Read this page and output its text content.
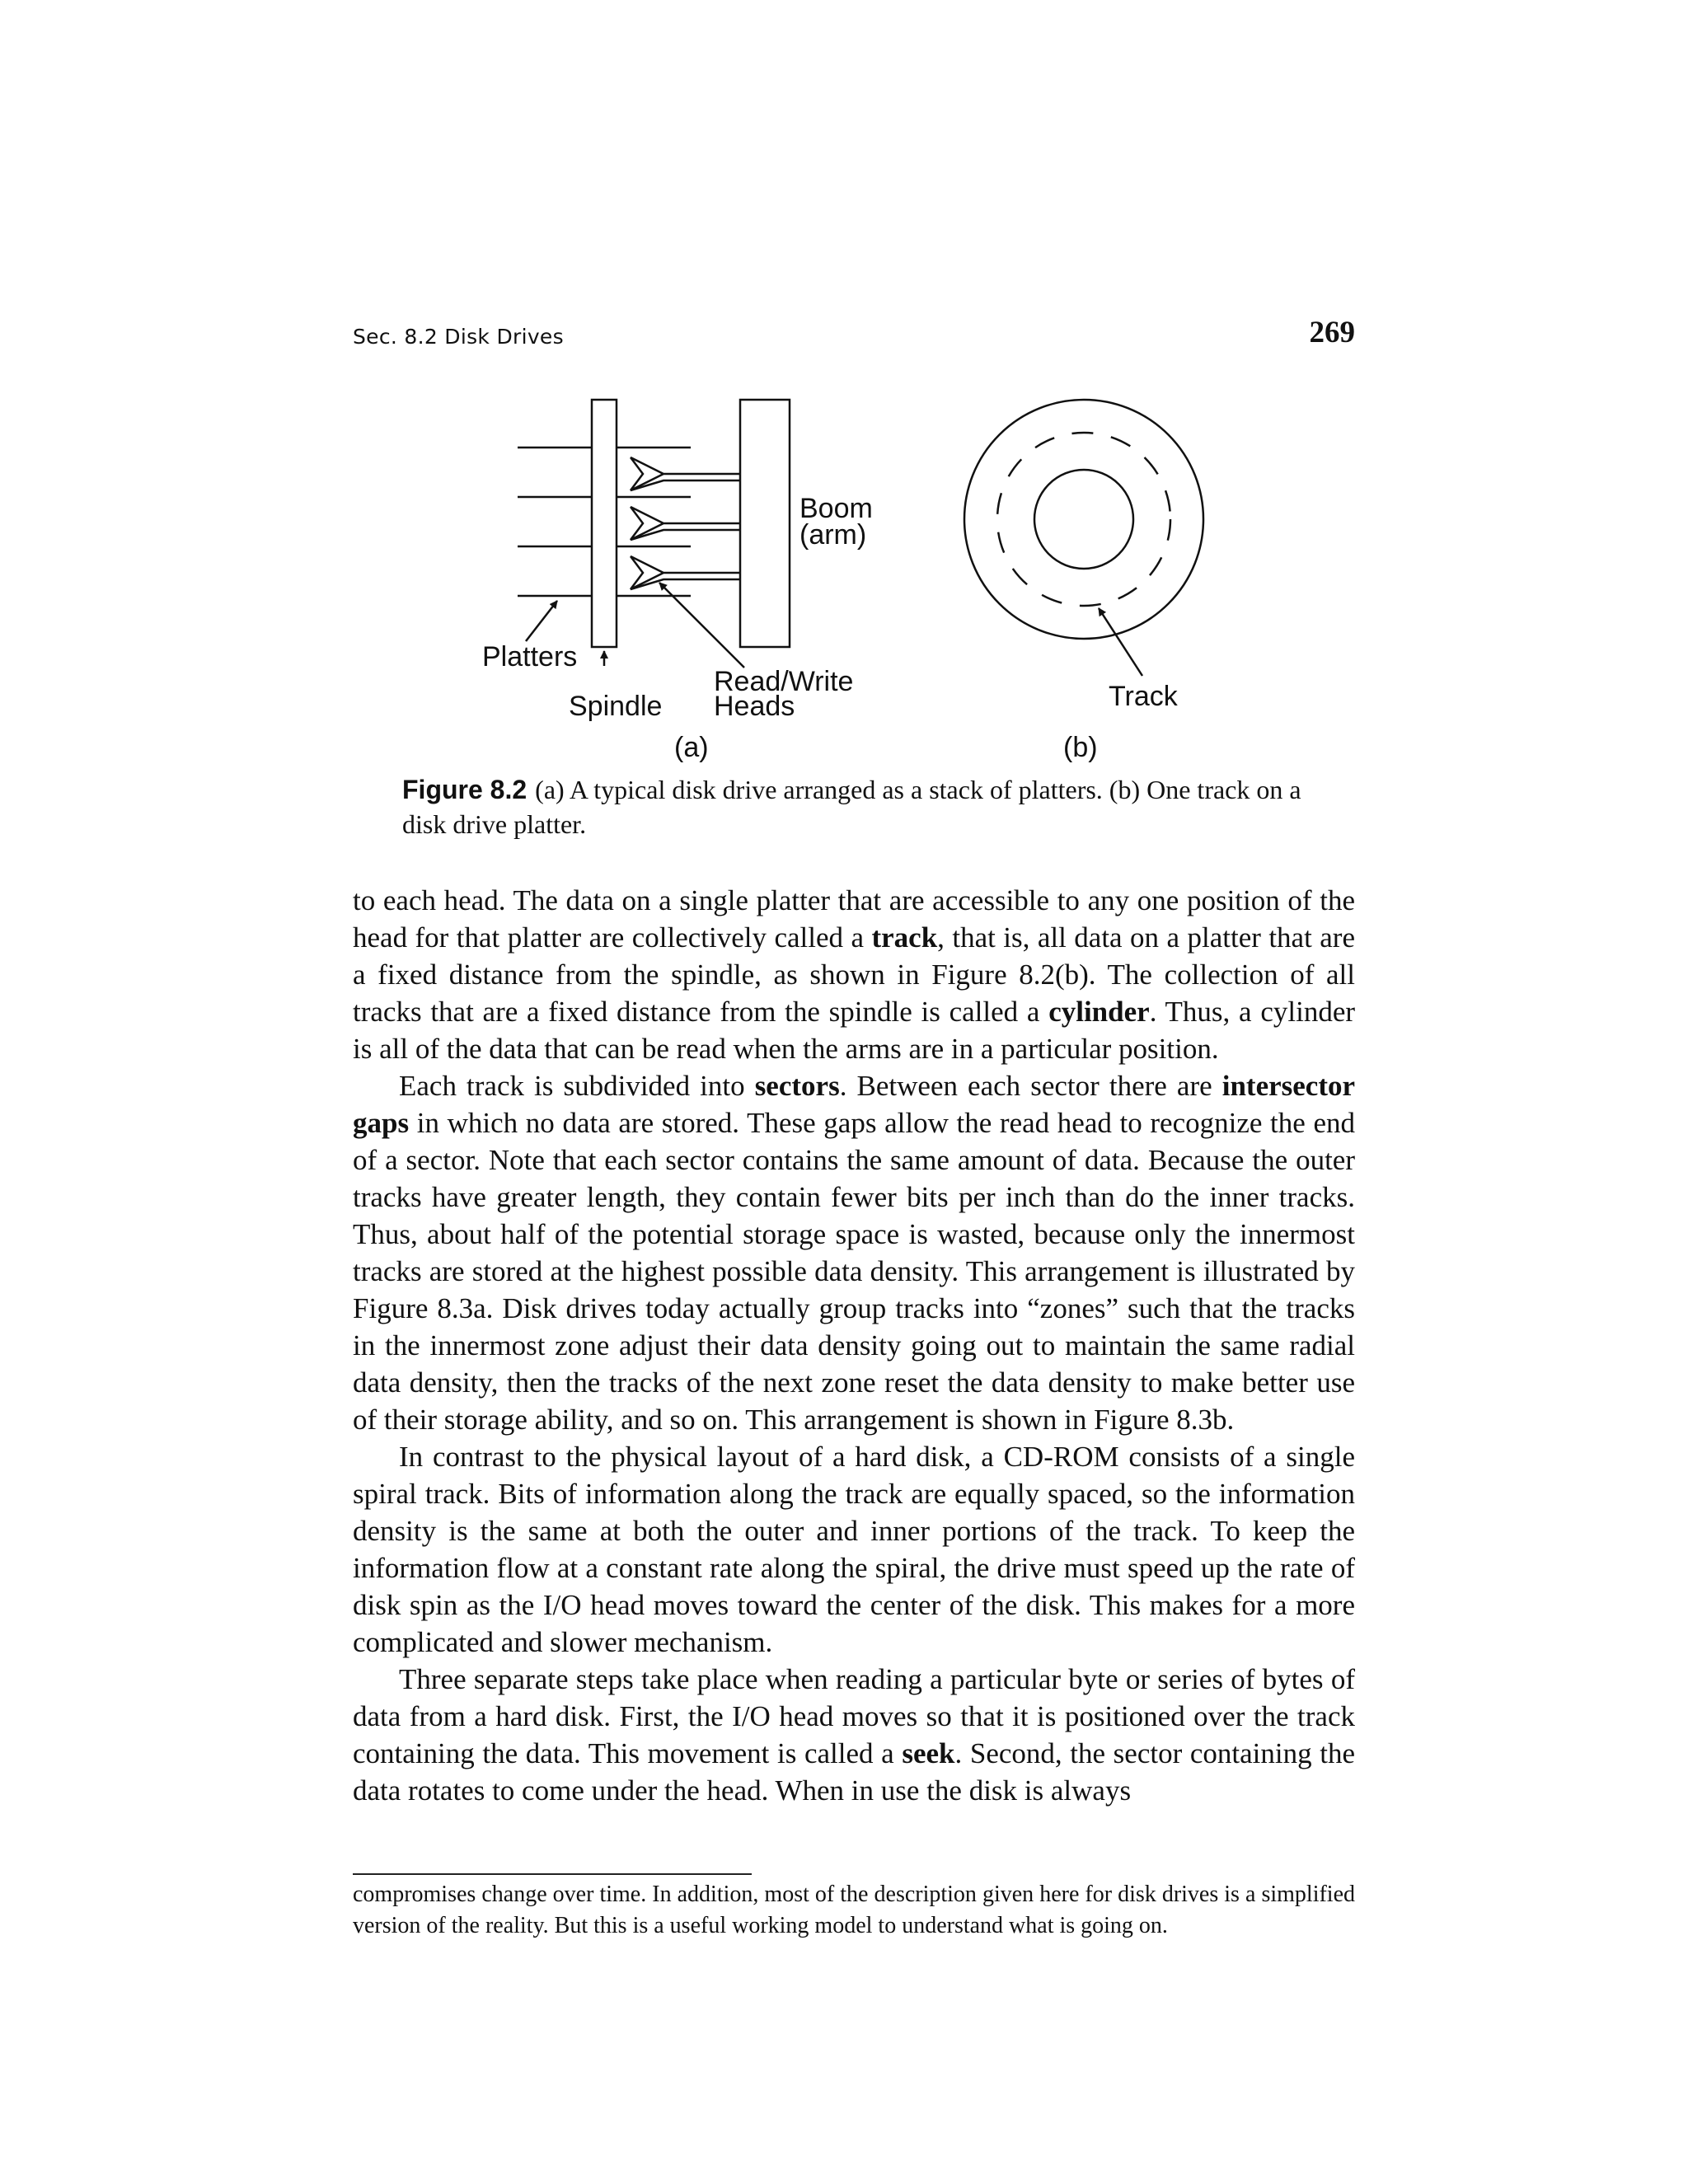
Sec. 8.2 Disk Drives	269
Boom
(arm)
Platters
Spindle
Read/Write
Heads
(a)
Track
(b)
Figure 8.2 (a) A typical disk drive arranged as a stack of platters. (b) One track on a disk drive platter.

to each head. The data on a single platter that are accessible to any one position of the head for that platter are collectively called a track, that is, all data on a platter that are a fixed distance from the spindle, as shown in Figure 8.2(b). The collection of all tracks that are a fixed distance from the spindle is called a cylinder. Thus, a cylinder is all of the data that can be read when the arms are in a particular position.

Each track is subdivided into sectors. Between each sector there are intersector gaps in which no data are stored. These gaps allow the read head to recognize the end of a sector. Note that each sector contains the same amount of data. Because the outer tracks have greater length, they contain fewer bits per inch than do the inner tracks. Thus, about half of the potential storage space is wasted, because only the innermost tracks are stored at the highest possible data density. This arrangement is illustrated by Figure 8.3a. Disk drives today actually group tracks into “zones” such that the tracks in the innermost zone adjust their data density going out to maintain the same radial data density, then the tracks of the next zone reset the data density to make better use of their storage ability, and so on. This arrangement is shown in Figure 8.3b.

In contrast to the physical layout of a hard disk, a CD-ROM consists of a single spiral track. Bits of information along the track are equally spaced, so the information density is the same at both the outer and inner portions of the track. To keep the information flow at a constant rate along the spiral, the drive must speed up the rate of disk spin as the I/O head moves toward the center of the disk. This makes for a more complicated and slower mechanism.

Three separate steps take place when reading a particular byte or series of bytes of data from a hard disk. First, the I/O head moves so that it is positioned over the track containing the data. This movement is called a seek. Second, the sector containing the data rotates to come under the head. When in use the disk is always

compromises change over time. In addition, most of the description given here for disk drives is a simplified version of the reality. But this is a useful working model to understand what is going on.
